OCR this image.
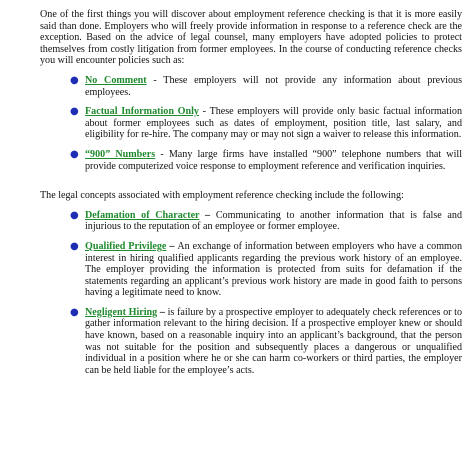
One of the first things you will discover about employment reference checking is that it is more easily said than done. Employers who will freely provide information in response to a reference check are the exception. Based on the advice of legal counsel, many employers have adopted policies to protect themselves from costly litigation from former employees. In the course of conducting reference checks you will encounter policies such as:

● No Comment - These employers will not provide any information about previous employees.
● Factual Information Only - These employers will provide only basic factual information about former employees such as dates of employment, position title, last salary, and eligibility for re-hire. The company may or may not sign a waiver to release this information.
● “900” Numbers - Many large firms have installed “900” telephone numbers that will provide computerized voice response to employment reference and verification inquiries.

The legal concepts associated with employment reference checking include the following:

● Defamation of Character – Communicating to another information that is false and injurious to the reputation of an employee or former employee.
● Qualified Privilege – An exchange of information between employers who have a common interest in hiring qualified applicants regarding the previous work history of an employee. The employer providing the information is protected from suits for defamation if the statements regarding an applicant’s previous work history are made in good faith to persons having a legitimate need to know.
● Negligent Hiring – is failure by a prospective employer to adequately check references or to gather information relevant to the hiring decision. If a prospective employer knew or should have known, based on a reasonable inquiry into an applicant’s background, that the person was not suitable for the position and subsequently places a dangerous or unqualified individual in a position where he or she can harm co-workers or third parties, the employer can be held liable for the employee’s acts.
